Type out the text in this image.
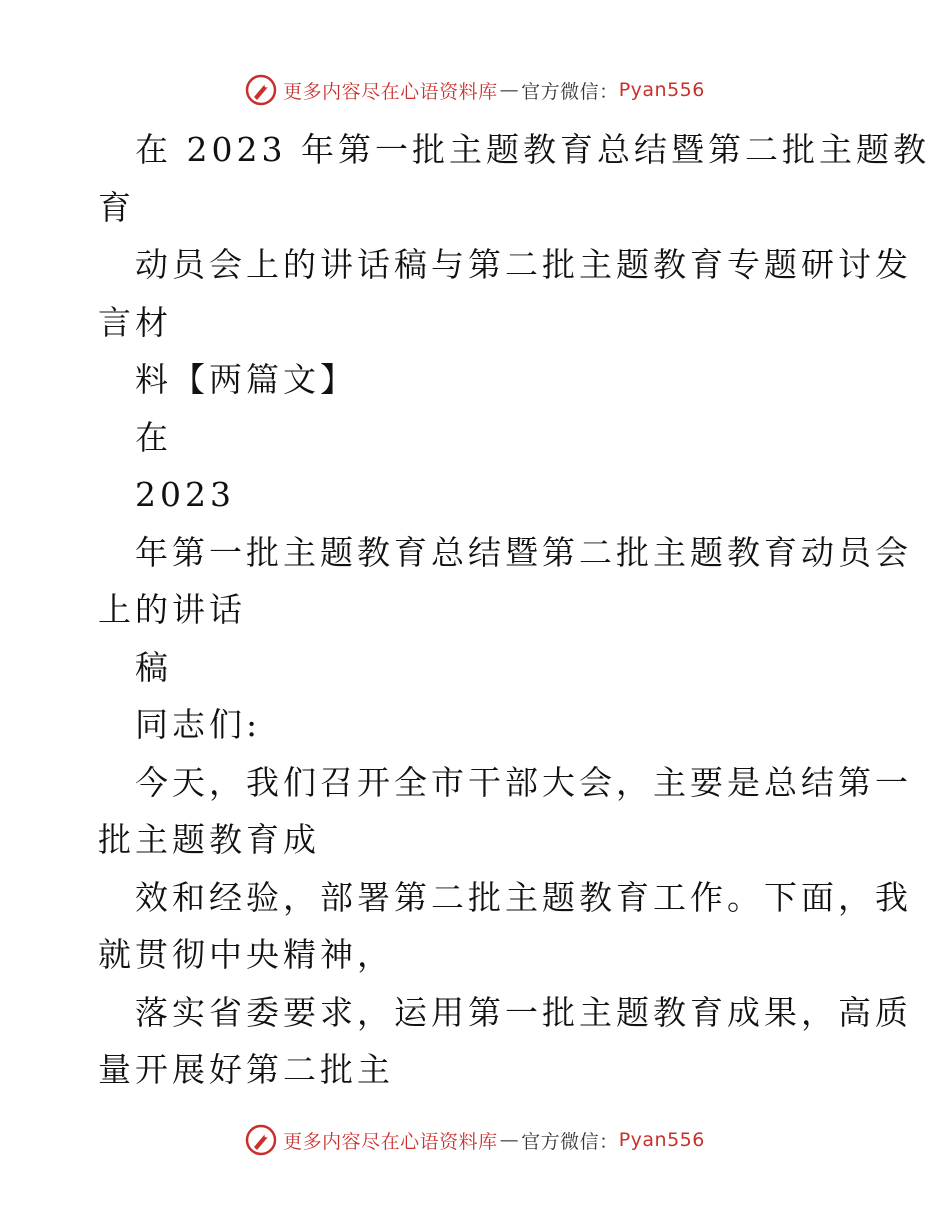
更多内容尽在心语资料库 — 官方微信： Pyan556
在 2023 年第一批主题教育总结暨第二批主题教
育
动员会上的讲话稿与第二批主题教育专题研讨发
言材
料【两篇文】
在
2023
年第一批主题教育总结暨第二批主题教育动员会
上的讲话
稿
同志们:
今天，我们召开全市干部大会，主要是总结第一
批主题教育成
效和经验，部署第二批主题教育工作。下面，我
就贯彻中央精神，
落实省委要求，运用第一批主题教育成果，高质
量开展好第二批主
更多内容尽在心语资料库 — 官方微信： Pyan556
